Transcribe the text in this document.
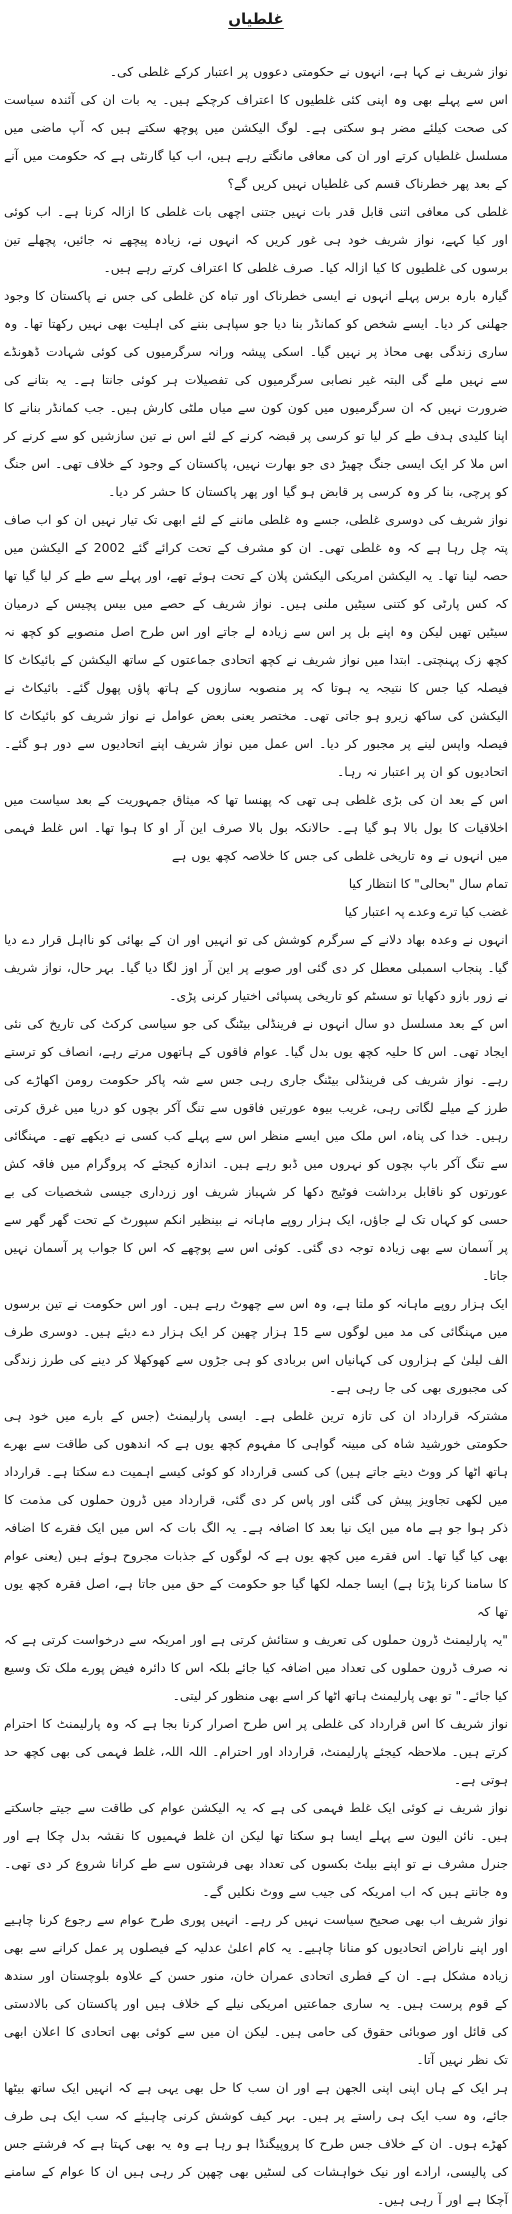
غلطیاں

نواز شریف نے کہا ہے، انہوں نے حکومتی دعووں پر اعتبار کرکے غلطی کی۔

اس سے پہلے بھی وہ اپنی کئی غلطیوں کا اعتراف کرچکے ہیں۔ یہ بات ان کی آئندہ سیاست کی صحت کیلئے مضر ہو سکتی ہے۔ لوگ الیکشن میں پوچھ سکتے ہیں کہ آپ ماضی میں مسلسل غلطیاں کرتے اور ان کی معافی مانگتے رہے ہیں، اب کیا گارنٹی ہے کہ حکومت میں آنے کے بعد پھر خطرناک قسم کی غلطیاں نہیں کریں گے؟

غلطی کی معافی اتنی قابل قدر بات نہیں جتنی اچھی بات غلطی کا ازالہ کرنا ہے۔ اب کوئی اور کیا کہے، نواز شریف خود ہی غور کریں کہ انہوں نے، زیادہ پیچھے نہ جائیں، پچھلے تین برسوں کی غلطیوں کا کیا ازالہ کیا۔ صرف غلطی کا اعتراف کرتے رہے ہیں۔

گیارہ بارہ برس پہلے انہوں نے ایسی خطرناک اور تباہ کن غلطی کی جس نے پاکستان کا وجود جھلنی کر دیا۔ ایسے شخص کو کمانڈر بنا دیا جو سپاہی بننے کی اہلیت بھی نہیں رکھتا تھا۔ وہ ساری زندگی بھی محاذ پر نہیں گیا۔ اسکی پیشہ ورانہ سرگرمیوں کی کوئی شہادت ڈھونڈے سے نہیں ملے گی البتہ غیر نصابی سرگرمیوں کی تفصیلات ہر کوئی جانتا ہے۔ یہ بتانے کی ضرورت نہیں کہ ان سرگرمیوں میں کون کون سے میاں ملٹی کارش ہیں۔ جب کمانڈر بنانے کا اپنا کلیدی ہدف طے کر لیا تو کرسی پر قبضہ کرنے کے لئے اس نے تین سازشیں کو سے کرنے کر اس ملا کر ایک ایسی جنگ چھیڑ دی جو بھارت نہیں، پاکستان کے وجود کے خلاف تھی۔ اس جنگ کو پرچی، بنا کر وہ کرسی پر قابض ہو گیا اور پھر پاکستان کا حشر کر دیا۔

نواز شریف کی دوسری غلطی، جسے وہ غلطی ماننے کے لئے ابھی تک تیار نہیں ان کو اب صاف پتہ چل رہا ہے کہ وہ غلطی تھی۔ ان کو مشرف کے تحت کرائے گئے 2002 کے الیکشن میں حصہ لینا تھا۔ یہ الیکشن امریکی الیکشن پلان کے تحت ہوئے تھے، اور پہلے سے طے کر لیا گیا تھا کہ کس پارٹی کو کتنی سیٹیں ملنی ہیں۔ نواز شریف کے حصے میں بیس پچیس کے درمیان سیٹیں تھیں لیکن وہ اپنے بل پر اس سے زیادہ لے جاتے اور اس طرح اصل منصوبے کو کچھ نہ کچھ زک پہنچتی۔ ابتدا میں نواز شریف نے کچھ اتحادی جماعتوں کے ساتھ الیکشن کے بائیکاٹ کا فیصلہ کیا جس کا نتیجہ یہ ہوتا کہ پر منصوبہ سازوں کے ہاتھ پاؤں پھول گئے۔ بائیکاٹ نے الیکشن کی ساکھ زیرو ہو جاتی تھی۔ مختصر یعنی بعض عوامل نے نواز شریف کو بائیکاٹ کا فیصلہ واپس لینے پر مجبور کر دیا۔ اس عمل میں نواز شریف اپنے اتحادیوں سے دور ہو گئے۔ اتحادیوں کو ان پر اعتبار نہ رہا۔

اس کے بعد ان کی بڑی غلطی ہی تھی کہ پھنسا تھا کہ میثاق جمہوریت کے بعد سیاست میں اخلاقیات کا بول بالا ہو گیا ہے۔ حالانکہ بول بالا صرف این آر او کا ہوا تھا۔ اس غلط فہمی میں انہوں نے وہ تاریخی غلطی کی جس کا خلاصہ کچھ یوں ہے

تمام سال "بحالی" کا انتظار کیا
غضب کیا ترے وعدے پہ اعتبار کیا

انہوں نے وعدہ بھاد دلانے کے سرگرم کوشش کی تو انہیں اور ان کے بھائی کو نااہل قرار دے دیا گیا۔ پنجاب اسمبلی معطل کر دی گئی اور صوبے پر این آر اوز لگا دیا گیا۔ بہر حال، نواز شریف نے زور بازو دکھایا تو سسٹم کو تاریخی پسپائی اختیار کرنی پڑی۔

اس کے بعد مسلسل دو سال انہوں نے فرینڈلی بیٹنگ کی جو سیاسی کرکٹ کی تاریخ کی نئی ایجاد تھی۔ اس کا حلیہ کچھ یوں بدل گیا۔ عوام فاقوں کے ہاتھوں مرتے رہے، انصاف کو ترستے رہے۔ نواز شریف کی فرینڈلی بیٹنگ جاری رہی جس سے شہ پاکر حکومت رومن اکھاڑے کی طرز کے میلے لگاتی رہی، غریب بیوہ عورتیں فاقوں سے تنگ آکر بچوں کو دریا میں غرق کرتی رہیں۔ خدا کی پناہ، اس ملک میں ایسے منظر اس سے پہلے کب کسی نے دیکھے تھے۔ مہنگائی سے تنگ آکر باپ بچوں کو نہروں میں ڈبو رہے ہیں۔ اندازہ کیجئے کہ پروگرام میں فاقہ کش عورتوں کو ناقابل برداشت فوٹیج دکھا کر شہباز شریف اور زرداری جیسی شخصیات کی بے حسی کو کہاں تک لے جاؤں، ایک ہزار روپے ماہانہ نے بینظیر انکم سپورٹ کے تحت گھر گھر سے پر آسمان سے بھی زیادہ توجہ دی گئی۔ کوئی اس سے پوچھے کہ اس کا جواب پر آسمان نہیں جاتا۔

ایک ہزار روپے ماہانہ کو ملتا ہے، وہ اس سے چھوٹ رہے ہیں۔ اور اس حکومت نے تین برسوں میں مہنگائی کی مد میں لوگوں سے 15 ہزار چھین کر ایک ہزار دے دیئے ہیں۔ دوسری طرف الف لیلیٰ کے ہزاروں کی کہانیاں اس بربادی کو ہی جڑوں سے کھوکھلا کر دینے کی طرز زندگی کی مجبوری بھی کی جا رہی ہے۔

مشترکہ قرارداد ان کی تازہ ترین غلطی ہے۔ ایسی پارلیمنٹ (جس کے بارے میں خود ہی حکومتی خورشید شاہ کی مبینہ گواہی کا مفہوم کچھ یوں ہے کہ اندھوں کی طاقت سے بھرے ہاتھ اٹھا کر ووٹ دیتے جاتے ہیں) کی کسی قرارداد کو کوئی کیسے اہمیت دے سکتا ہے۔ قرارداد میں لکھی تجاویز پیش کی گئی اور پاس کر دی گئی، قرارداد میں ڈرون حملوں کی مذمت کا ذکر ہوا جو ہے ماہ میں ایک نیا بعد کا اضافہ ہے۔ یہ الگ بات کہ اس میں ایک فقرے کا اضافہ بھی کیا گیا تھا۔ اس فقرے میں کچھ یوں ہے کہ لوگوں کے جذبات مجروح ہوئے ہیں (یعنی عوام کا سامنا کرنا پڑتا ہے) ایسا جملہ لکھا گیا جو حکومت کے حق میں جاتا ہے، اصل فقرہ کچھ یوں تھا کہ

"یہ پارلیمنٹ ڈرون حملوں کی تعریف و ستائش کرتی ہے اور امریکہ سے درخواست کرتی ہے کہ نہ صرف ڈرون حملوں کی تعداد میں اضافہ کیا جائے بلکہ اس کا دائرہ فیض پورے ملک تک وسیع کیا جائے۔" تو بھی پارلیمنٹ ہاتھ اٹھا کر اسے بھی منظور کر لیتی۔

نواز شریف کا اس قرارداد کی غلطی پر اس طرح اصرار کرنا بجا ہے کہ وہ پارلیمنٹ کا احترام کرتے ہیں۔ ملاحظہ کیجئے پارلیمنٹ، قرارداد اور احترام۔ اللہ اللہ، غلط فہمی کی بھی کچھ حد ہوتی ہے۔

نواز شریف نے کوئی ایک غلط فہمی کی ہے کہ یہ الیکشن عوام کی طاقت سے جیتے جاسکتے ہیں۔ نائن الیون سے پہلے ایسا ہو سکتا تھا لیکن ان غلط فہمیوں کا نقشہ بدل چکا ہے اور جنرل مشرف نے تو اپنے بیلٹ بکسوں کی تعداد بھی فرشتوں سے طے کرانا شروع کر دی تھی۔ وہ جانتے ہیں کہ اب امریکہ کی جیب سے ووٹ نکلیں گے۔

نواز شریف اب بھی صحیح سیاست نہیں کر رہے۔ انہیں پوری طرح عوام سے رجوع کرنا چاہیے اور اپنے ناراض اتحادیوں کو منانا چاہیے۔ یہ کام اعلیٰ عدلیہ کے فیصلوں پر عمل کرانے سے بھی زیادہ مشکل ہے۔ ان کے فطری اتحادی عمران خان، منور حسن کے علاوہ بلوچستان اور سندھ کے قوم پرست ہیں۔ یہ ساری جماعتیں امریکی نیلے کے خلاف ہیں اور پاکستان کی بالادستی کی قائل اور صوبائی حقوق کی حامی ہیں۔ لیکن ان میں سے کوئی بھی اتحادی کا اعلان ابھی تک نظر نہیں آتا۔

ہر ایک کے ہاں اپنی اپنی الجھن ہے اور ان سب کا حل بھی یہی ہے کہ انہیں ایک ساتھ بیٹھا جائے، وہ سب ایک ہی راستے پر ہیں۔ بہر کیف کوشش کرنی چاہیئے کہ سب ایک ہی طرف کھڑے ہوں۔ ان کے خلاف جس طرح کا پروپیگنڈا ہو رہا ہے وہ یہ بھی کہتا ہے کہ فرشتے جس کی پالیسی، ارادے اور نیک خواہشات کی لسٹیں بھی چھپن کر رہی ہیں ان کا عوام کے سامنے آچکا ہے اور آ رہی ہیں۔
